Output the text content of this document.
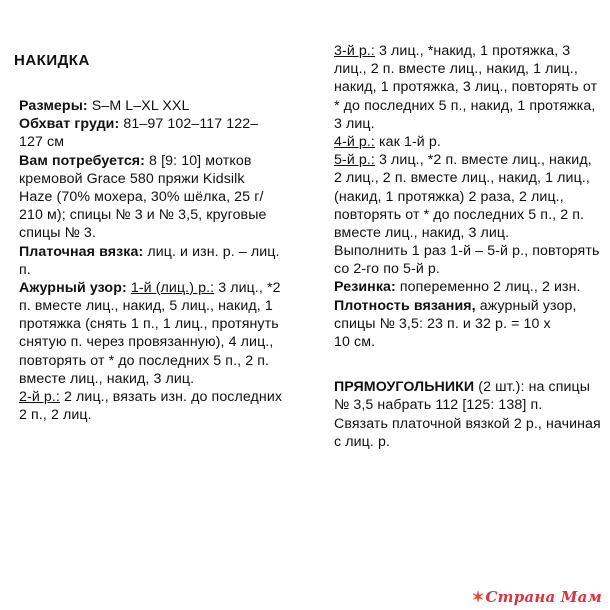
НАКИДКА
Размеры: S–M L–XL XXL
Обхват груди: 81–97 102–117 122–
127 см
Вам потребуется: 8 [9: 10] мотков
кремовой Grace 580 пряжи Kidsilk
Haze (70% мохера, 30% шёлка, 25 г/
210 м); спицы № 3 и № 3,5, круговые
спицы № 3.
Платочная вязка: лиц. и изн. р. – лиц.
п.
Ажурный узор: 1-й (лиц.) р.: 3 лиц., *2
п. вместе лиц., накид, 5 лиц., накид, 1
протяжка (снять 1 п., 1 лиц., протянуть
снятую п. через провязанную), 4 лиц.,
повторять от * до последних 5 п., 2 п.
вместе лиц., накид, 3 лиц.
2-й р.: 2 лиц., вязать изн. до последних
2 п., 2 лиц.
3-й р.: 3 лиц., *накид, 1 протяжка, 3
лиц., 2 п. вместе лиц., накид, 1 лиц.,
накид, 1 протяжка, 3 лиц., повторять от
* до последних 5 п., накид, 1 протяжка,
3 лиц.
4-й р.: как 1-й р.
5-й р.: 3 лиц., *2 п. вместе лиц., накид,
2 лиц., 2 п. вместе лиц., накид, 1 лиц.,
(накид, 1 протяжка) 2 раза, 2 лиц.,
повторять от * до последних 5 п., 2 п.
вместе лиц., накид, 3 лиц.
Выполнить 1 раз 1-й – 5-й р., повторять
со 2-го по 5-й р.
Резинка: попеременно 2 лиц., 2 изн.
Плотность вязания, ажурный узор,
спицы № 3,5: 23 п. и 32 р. = 10 х
10 см.
ПРЯМОУГОЛЬНИКИ (2 шт.): на спицы
№ 3,5 набрать 112 [125: 138] п.
Связать платочной вязкой 2 р., начиная
с лиц. р.
✶Страна Мам
